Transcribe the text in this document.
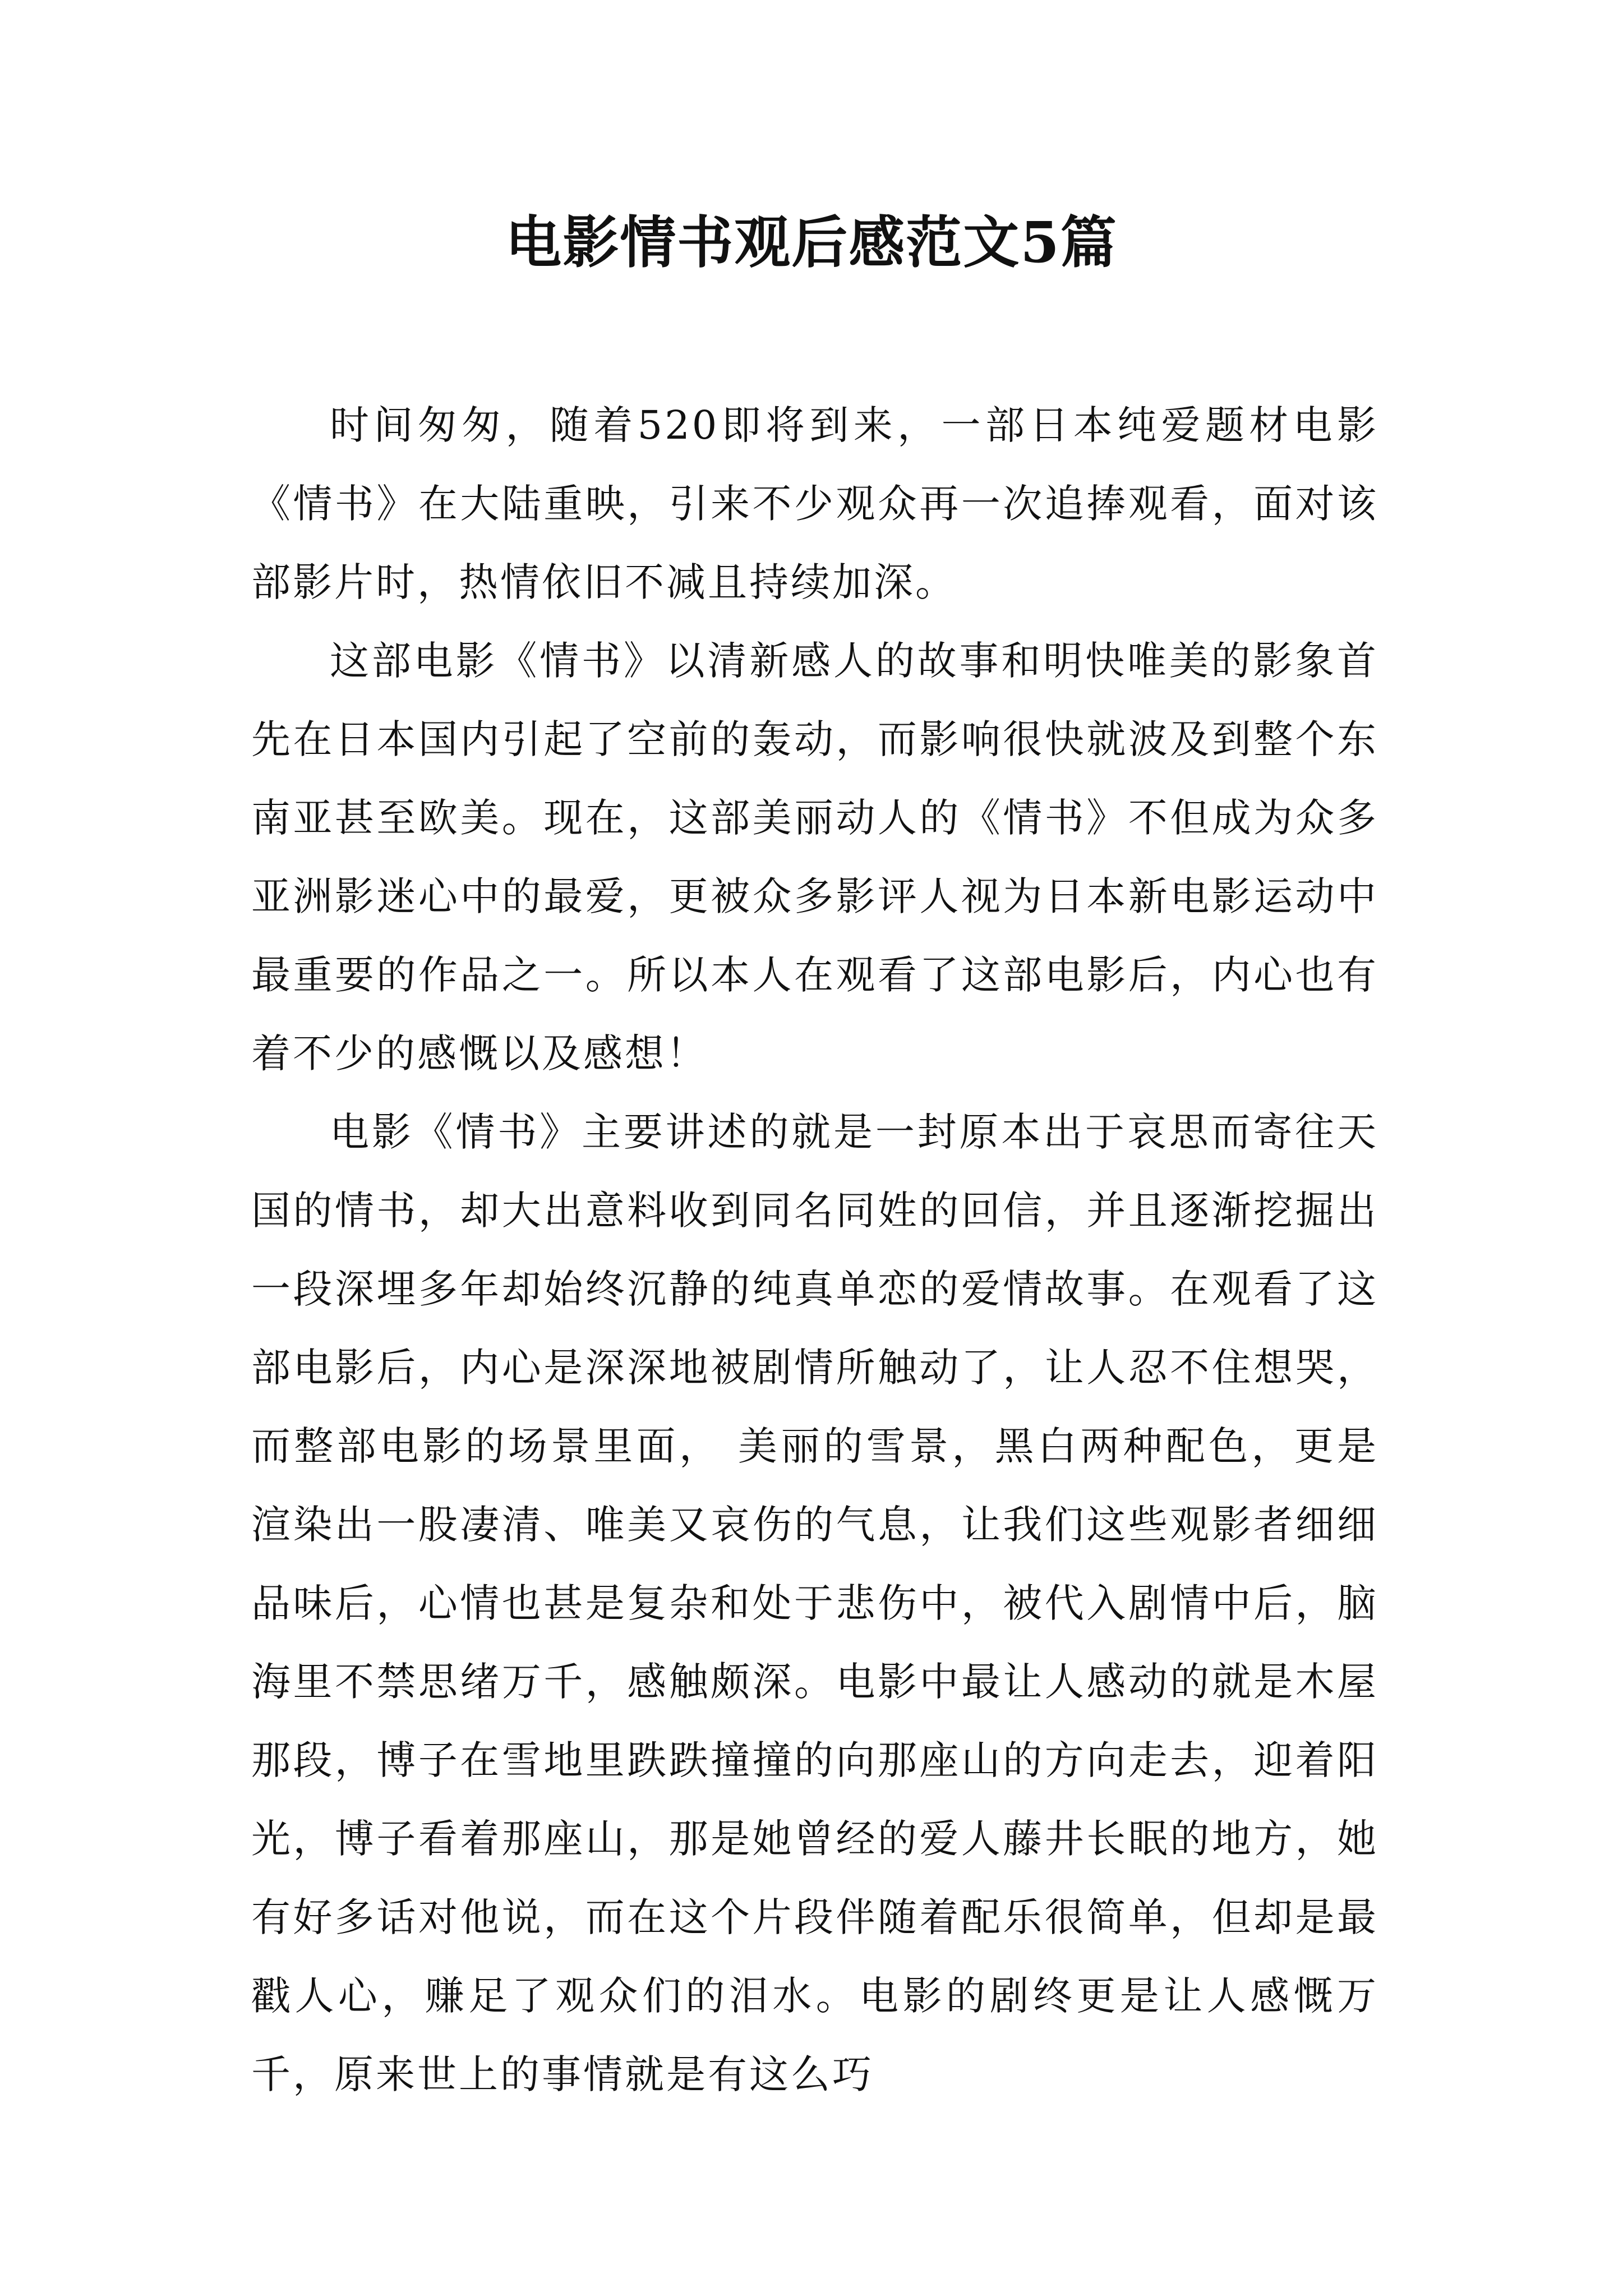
电影情书观后感范文5篇

时间匆匆，随着520即将到来，一部日本纯爱题材电影《情书》在大陆重映，引来不少观众再一次追捧观看，面对该部影片时，热情依旧不减且持续加深。

这部电影《情书》以清新感人的故事和明快唯美的影象首先在日本国内引起了空前的轰动，而影响很快就波及到整个东南亚甚至欧美。现在，这部美丽动人的《情书》不但成为众多亚洲影迷心中的最爱，更被众多影评人视为日本新电影运动中最重要的作品之一。所以本人在观看了这部电影后，内心也有着不少的感慨以及感想！

电影《情书》主要讲述的就是一封原本出于哀思而寄往天国的情书，却大出意料收到同名同姓的回信，并且逐渐挖掘出一段深埋多年却始终沉静的纯真单恋的爱情故事。在观看了这部电影后，内心是深深地被剧情所触动了，让人忍不住想哭，而整部电影的场景里面， 美丽的雪景，黑白两种配色，更是渲染出一股凄清、唯美又哀伤的气息，让我们这些观影者细细品味后，心情也甚是复杂和处于悲伤中，被代入剧情中后，脑海里不禁思绪万千，感触颇深。电影中最让人感动的就是木屋那段，博子在雪地里跌跌撞撞的向那座山的方向走去，迎着阳光，博子看着那座山，那是她曾经的爱人藤井长眠的地方，她有好多话对他说，而在这个片段伴随着配乐很简单，但却是最戳人心，赚足了观众们的泪水。电影的剧终更是让人感慨万千，原来世上的事情就是有这么巧
